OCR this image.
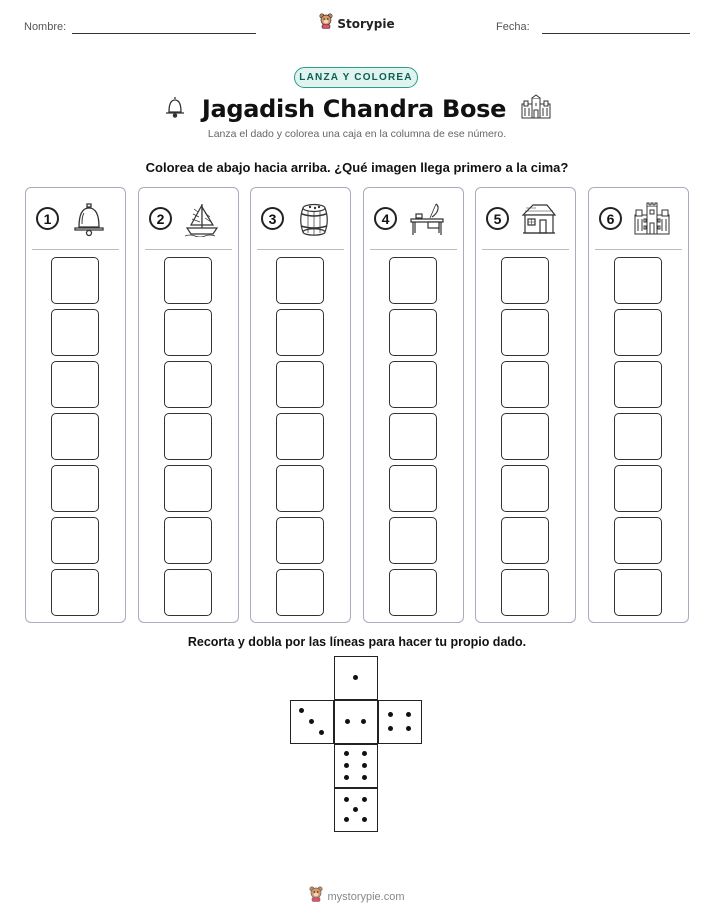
Nombre:	Fecha:
Storypie
LANZA Y COLOREA
Jagadish Chandra Bose
Lanza el dado y colorea una caja en la columna de ese número.
Colorea de abajo hacia arriba. ¿Qué imagen llega primero a la cima?
1	2	3	4	5	6
Recorta y dobla por las líneas para hacer tu propio dado.
mystorypie.com
